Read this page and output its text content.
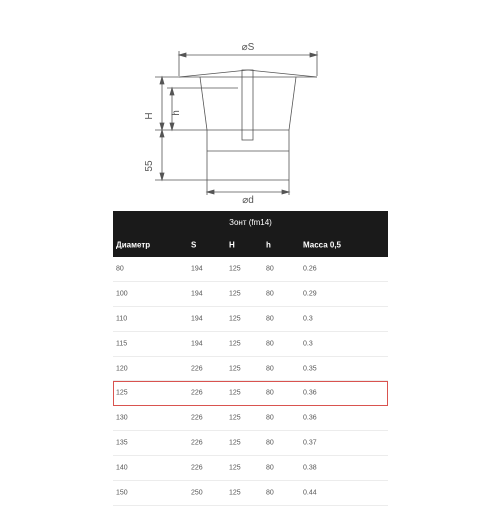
⌀S
⌀d
H h
55
Зонт (fm14)
Диаметр	S	H	h	Масса 0,5
80	194	125	80	0.26
100	194	125	80	0.29
110	194	125	80	0.3
115	194	125	80	0.3
120	226	125	80	0.35
125	226	125	80	0.36
130	226	125	80	0.36
135	226	125	80	0.37
140	226	125	80	0.38
150	250	125	80	0.44
